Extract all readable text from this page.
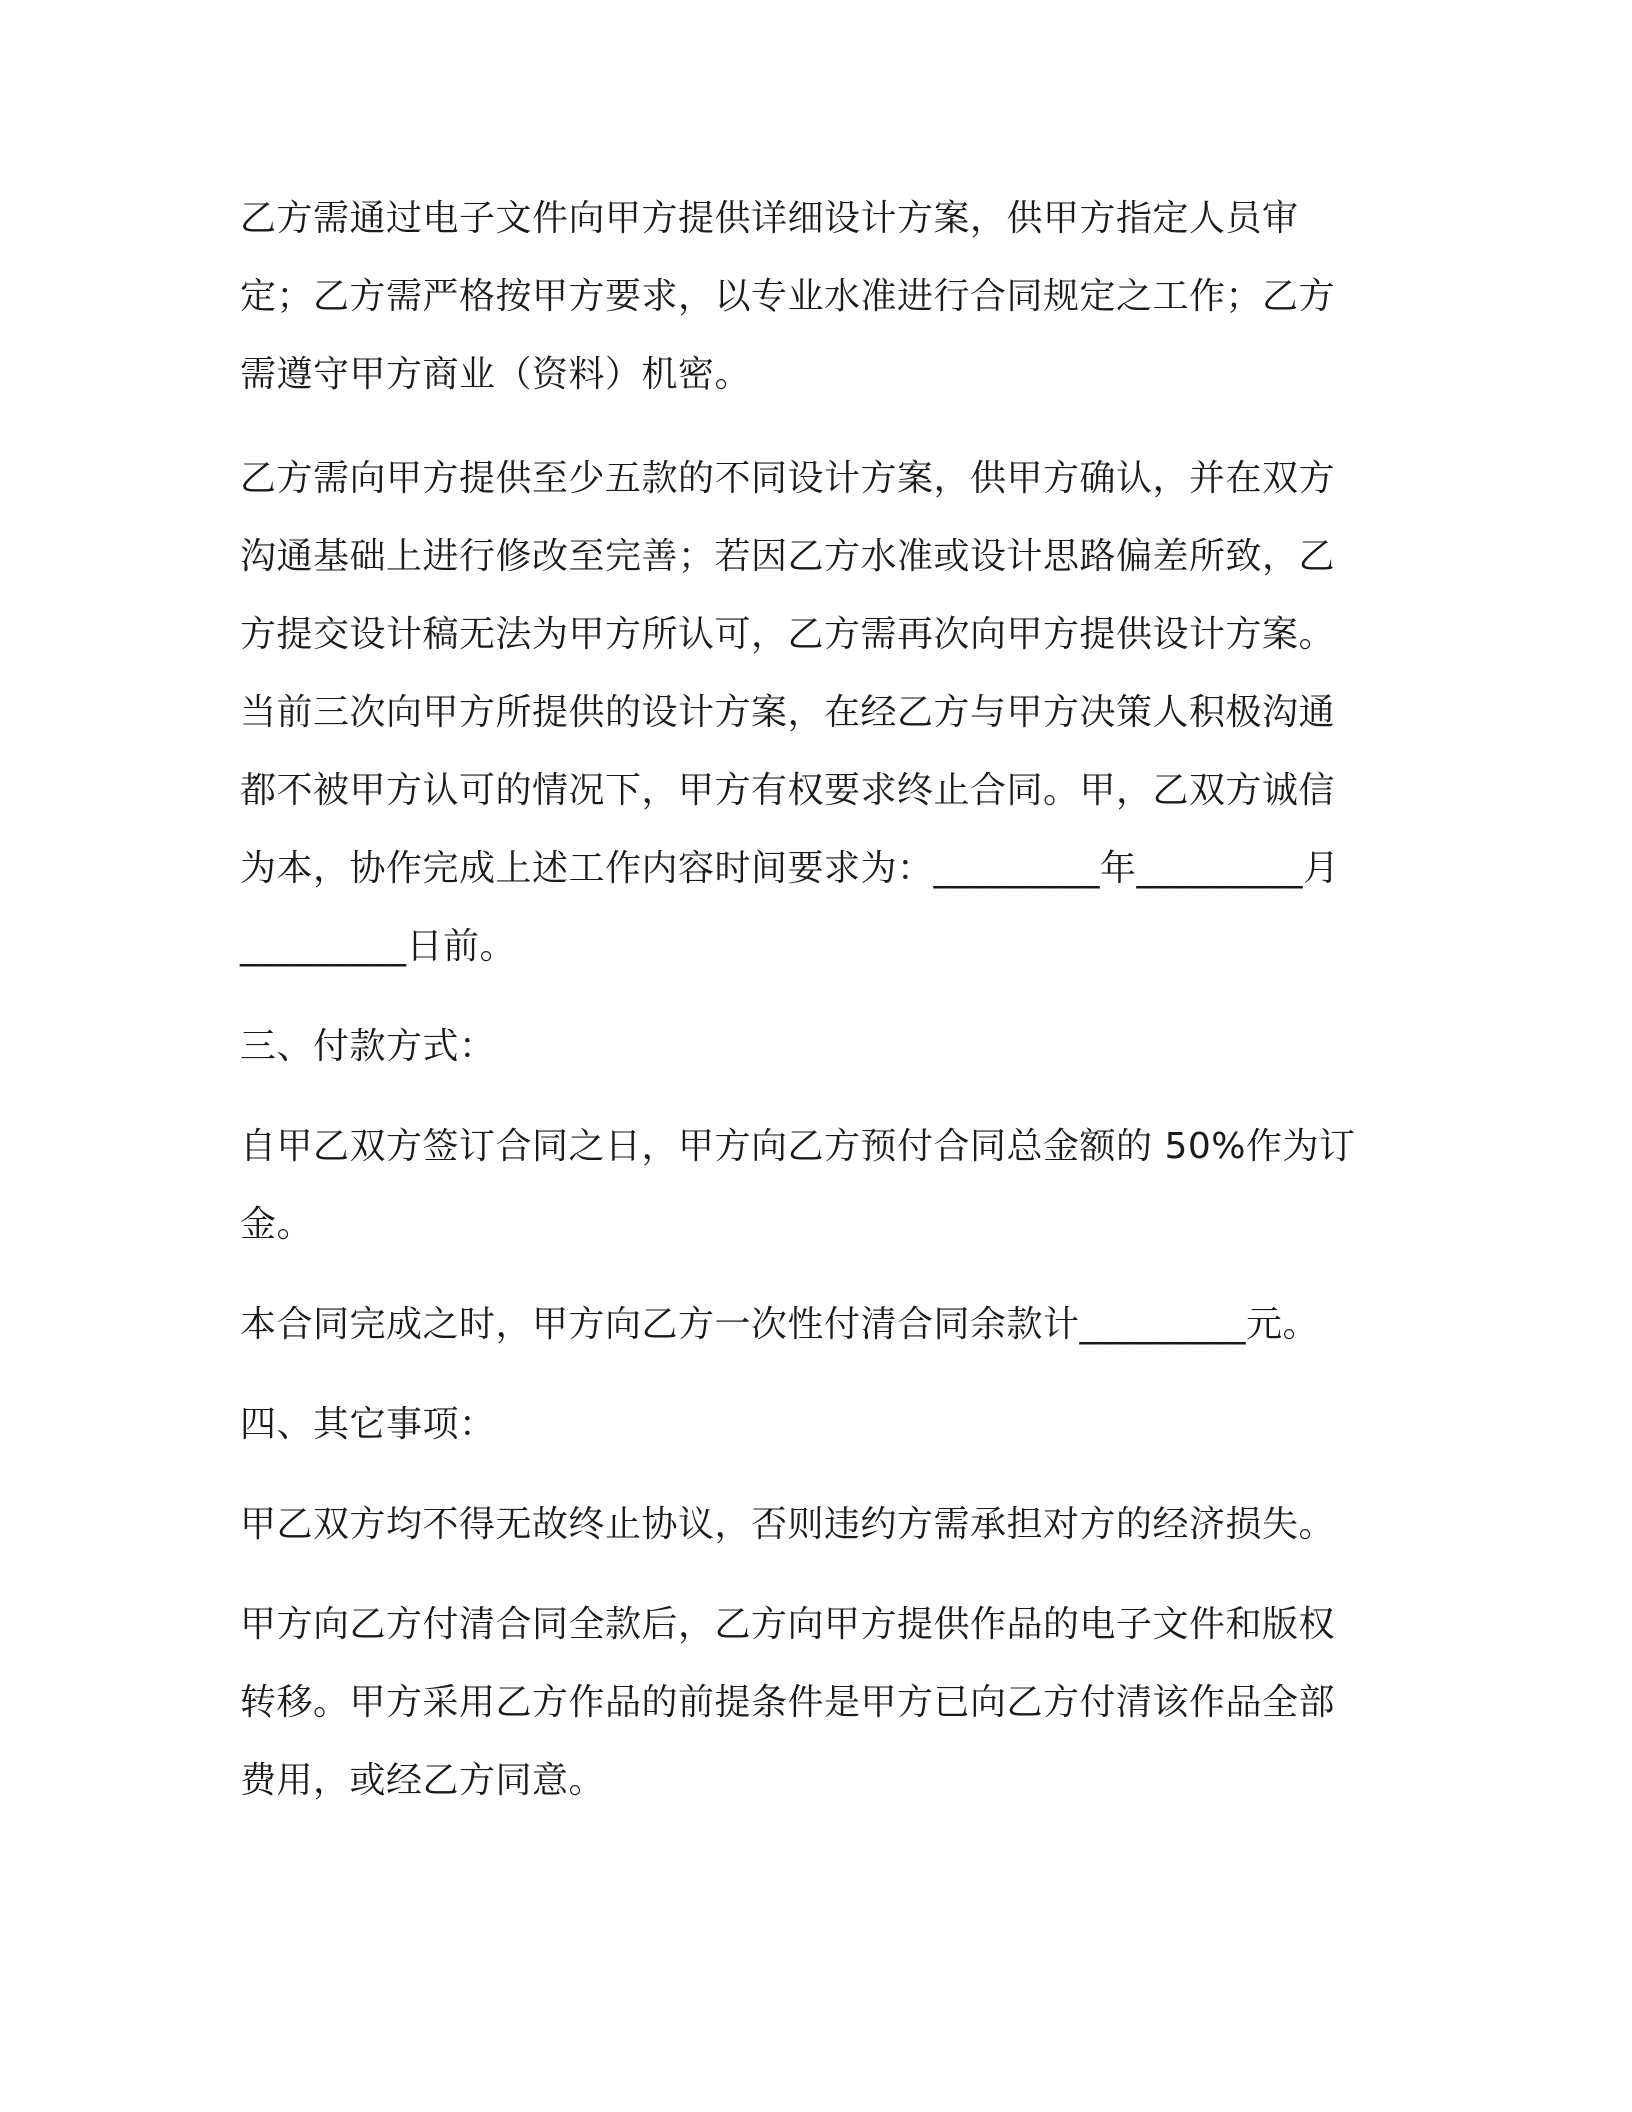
乙方需通过电子文件向甲方提供详细设计方案，供甲方指定人员审定；乙方需严格按甲方要求，以专业水准进行合同规定之工作；乙方需遵守甲方商业（资料）机密。

乙方需向甲方提供至少五款的不同设计方案，供甲方确认，并在双方沟通基础上进行修改至完善；若因乙方水准或设计思路偏差所致，乙方提交设计稿无法为甲方所认可，乙方需再次向甲方提供设计方案。当前三次向甲方所提供的设计方案，在经乙方与甲方决策人积极沟通都不被甲方认可的情况下，甲方有权要求终止合同。甲，乙双方诚信为本，协作完成上述工作内容时间要求为：_________年_________月_________日前。

三、付款方式：

自甲乙双方签订合同之日，甲方向乙方预付合同总金额的 50%作为订金。

本合同完成之时，甲方向乙方一次性付清合同余款计_________元。

四、其它事项：

甲乙双方均不得无故终止协议，否则违约方需承担对方的经济损失。

甲方向乙方付清合同全款后，乙方向甲方提供作品的电子文件和版权转移。甲方采用乙方作品的前提条件是甲方已向乙方付清该作品全部费用，或经乙方同意。
